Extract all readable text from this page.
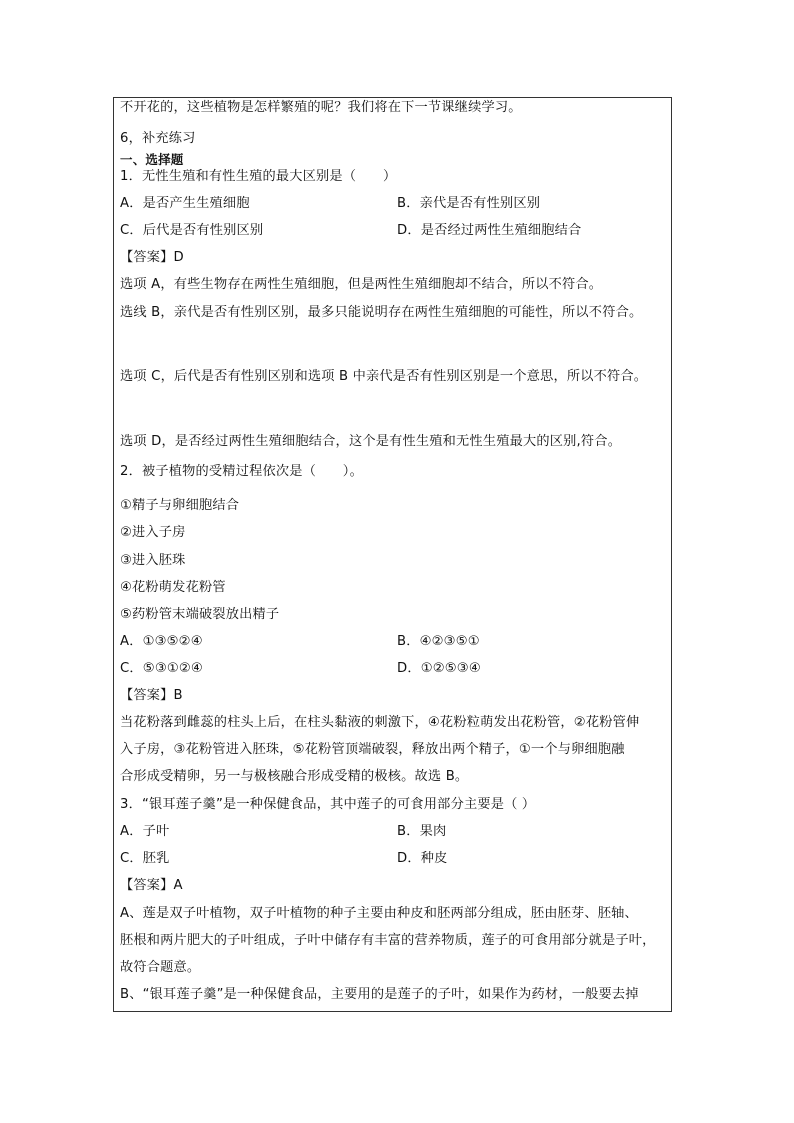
不开花的，这些植物是怎样繁殖的呢？我们将在下一节课继续学习。
6，补充练习
一、选择题
1．无性生殖和有性生殖的最大区别是（　　）
A．是否产生生殖细胞	B．亲代是否有性别区别
C．后代是否有性别区别	D．是否经过两性生殖细胞结合
【答案】D
选项 A，有些生物存在两性生殖细胞，但是两性生殖细胞却不结合，所以不符合。
选线 B，亲代是否有性别区别，最多只能说明存在两性生殖细胞的可能性，所以不符合。
选项 C，后代是否有性别区别和选项 B 中亲代是否有性别区别是一个意思，所以不符合。
选项 D，是否经过两性生殖细胞结合，这个是有性生殖和无性生殖最大的区别,符合。
2．被子植物的受精过程依次是（　　）。
①精子与卵细胞结合
②进入子房
③进入胚珠
④花粉萌发花粉管
⑤药粉管末端破裂放出精子
A．①③⑤②④	B．④②③⑤①
C．⑤③①②④	D．①②⑤③④
【答案】B
当花粉落到雌蕊的柱头上后，在柱头黏液的刺激下，④花粉粒萌发出花粉管，②花粉管伸
入子房，③花粉管进入胚珠，⑤花粉管顶端破裂，释放出两个精子，①一个与卵细胞融
合形成受精卵，另一与极核融合形成受精的极核。故选 B。
3．“银耳莲子羹”是一种保健食品，其中莲子的可食用部分主要是（ ）
A．子叶	B．果肉
C．胚乳	D．种皮
【答案】A
A、莲是双子叶植物，双子叶植物的种子主要由种皮和胚两部分组成，胚由胚芽、胚轴、
胚根和两片肥大的子叶组成，子叶中储存有丰富的营养物质，莲子的可食用部分就是子叶，
故符合题意。
B、“银耳莲子羹”是一种保健食品，主要用的是莲子的子叶，如果作为药材，一般要去掉
